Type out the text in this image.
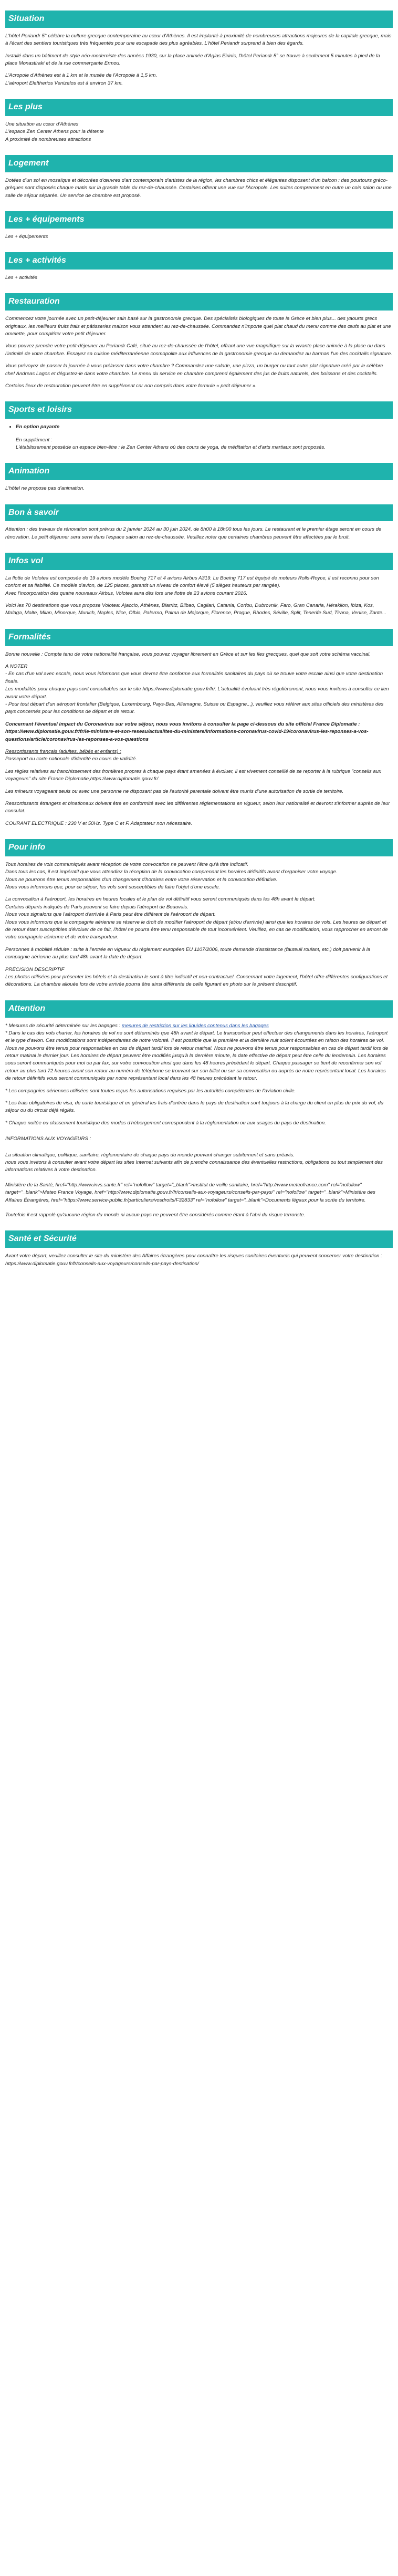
Situation

L'hôtel Periandr 5° célèbre la culture grecque contemporaine au cœur d'Athènes. Il est implanté à proximité de nombreuses attractions majeures de la capitale grecque, mais à l'écart des sentiers touristiques très fréquentés pour une escapade des plus agréables. L'hôtel Periandr surprend à bien des égards.

Installé dans un bâtiment de style néo-moderniste des années 1930, sur la place animée d'Agias Eirinis, l'hôtel Periandr 5° se trouve à seulement 5 minutes à pied de la place Monastiraki et de la rue commerçante Ermou.

L'Acropole d'Athènes est à 1 km et le musée de l'Acropole à 1,5 km.

L'aéroport Eleftherios Venizelos est à environ 37 km.

Les plus

Une situation au cœur d'Athènes

L'espace Zen Center Athens pour la détente

A proximité de nombreuses attractions

Logement

Dotées d'un sol en mosaïque et décorées d'œuvres d'art contemporain d'artistes de la région, les chambres chics et élégantes disposent d'un balcon : des pourtours gréco-grèques sont disposés chaque matin sur la grande table du rez-de-chaussée. Certaines offrent une vue sur l'Acropole. Les suites comprennent en outre un coin salon ou une salle de séjour séparée. Un service de chambre est proposé.

Les + équipements

Les + équipements

Les + activités

Les + activités

Restauration

Commencez votre journée avec un petit-déjeuner sain basé sur la gastronomie grecque. Des spécialités biologiques de toute la Grèce et bien plus... des yaourts grecs originaux, les meilleurs fruits frais et pâtisseries maison vous attendent au rez-de-chaussée. Commandez n'importe quel plat chaud du menu comme des œufs au plat et une omelette, pour compléter votre petit déjeuner.

Vous pouvez prendre votre petit-déjeuner au Periandr Café, situé au rez-de-chaussée de l'hôtel, offrant une vue magnifique sur la vivante place animée à la place ou dans l'intimité de votre chambre. Essayez sa cuisine méditerranéenne cosmopolite aux influences de la gastronomie grecque ou demandez au barman l'un des cocktails signature.

Vous prévoyez de passer la journée à vous prélasser dans votre chambre ? Commandez une salade, une pizza, un burger ou tout autre plat signature créé par le célèbre chef Andreas Lagos et dégustez-le dans votre chambre. Le menu du service en chambre comprend également des jus de fruits naturels, des boissons et des cocktails.

Certains lieux de restauration peuvent être en supplément car non compris dans votre formule « petit déjeuner ».

Sports et loisirs
• En option payante

En supplément :

L'établissement possède un espace bien-être : le Zen Center Athens où des cours de yoga, de méditation et d'arts martiaux sont proposés.

Animation

L'hôtel ne propose pas d'animation.

Bon à savoir

Attention : des travaux de rénovation sont prévus du 2 janvier 2024 au 30 juin 2024, de 8h00 à 18h00 tous les jours. Le restaurant et le premier étage seront en cours de rénovation. Le petit déjeuner sera servi dans l'espace salon au rez-de-chaussée. Veuillez noter que certaines chambres peuvent être affectées par le bruit.

Infos vol

La flotte de Volotea est composée de 19 avions modèle Boeing 717 et 4 avions Airbus A319. Le Boeing 717 est équipé de moteurs Rolls-Royce, il est reconnu pour son confort et sa fiabilité. Ce modèle d'avion, de 125 places, garantit un niveau de confort élevé (5 sièges hauteurs par rangée).

Avec l'incorporation des quatre nouveaux Airbus, Volotea aura dès lors une flotte de 23 avions courant 2016.

Voici les 70 destinations que vous propose Volotea: Ajaccio, Athènes, Biarritz, Bilbao, Cagliari, Catania, Corfou, Dubrovnik, Faro, Gran Canaria, Héraklion, Ibiza, Kos, Malaga, Malte, Milan, Minorque, Munich, Naples, Nice, Olbia, Palermo, Palma de Majorque, Florence, Prague, Rhodes, Séville, Split, Tenerife Sud, Tirana, Venise, Zante...

Formalités

Bonne nouvelle : Compte tenu de votre nationalité française, vous pouvez voyager librement en Grèce et sur les îles grecques, quel que soit votre schéma vaccinal.

A NOTER

- En cas d'un vol avec escale, nous vous informons que vous devrez être conforme aux formalités sanitaires du pays où se trouve votre escale ainsi que votre destination finale.

Les modalités pour chaque pays sont consultables sur le site https://www.diplomatie.gouv.fr/fr/. L'actualité évoluant très régulièrement, nous vous invitons à consulter ce lien avant votre départ.

- Pour tout départ d'un aéroport frontalier (Belgique, Luxembourg, Pays-Bas, Allemagne, Suisse ou Espagne...), veuillez vous référer aux sites officiels des ministères des pays concernés pour les conditions de départ et de retour.

Concernant l'éventuel impact du Coronavirus sur votre séjour, nous vous invitons à consulter la page ci-dessous du site officiel France Diplomatie :

https://www.diplomatie.gouv.fr/fr/le-ministere-et-son-reseau/actualites-du-ministere/informations-coronavirus-covid-19/coronavirus-les-reponses-a-vos-questions/article/coronavirus-les-reponses-a-vos-questions

Ressortissants français (adultes, bébés et enfants) :

Passeport ou carte nationale d'identité en cours de validité.

Les règles relatives au franchissement des frontières propres à chaque pays étant amenées à évoluer, il est vivement conseillé de se reporter à la rubrique "conseils aux voyageurs" du site France Diplomatie,https://www.diplomatie.gouv.fr/

Les mineurs voyageant seuls ou avec une personne ne disposant pas de l'autorité parentale doivent être munis d'une autorisation de sortie de territoire.

Ressortissants étrangers et binationaux doivent être en conformité avec les différentes réglementations en vigueur, selon leur nationalité et devront s'informer auprès de leur consulat.

COURANT ELECTRIQUE : 230 V et 50Hz. Type C et F. Adaptateur non nécessaire.

Pour info

Tous horaires de vols communiqués avant réception de votre convocation ne peuvent l'être qu'à titre indicatif.

Dans tous les cas, il est impératif que vous attendiez la réception de la convocation comprenant les horaires définitifs avant d'organiser votre voyage.

Nous ne pourrons être tenus responsables d'un changement d'horaires entre votre réservation et la convocation définitive.

Nous vous informons que, pour ce séjour, les vols sont susceptibles de faire l'objet d'une escale.

La convocation à l'aéroport, les horaires en heures locales et le plan de vol définitif vous seront communiqués dans les 48h avant le départ.

Certains départs indiqués de Paris peuvent se faire depuis l'aéroport de Beauvais.

Nous vous signalons que l'aéroport d'arrivée à Paris peut être différent de l'aéroport de départ.

Nous vous informons que la compagnie aérienne se réserve le droit de modifier l'aéroport de départ (et/ou d'arrivée) ainsi que les horaires de vols. Les heures de départ et de retour étant susceptibles d'évoluer de ce fait, l'hôtel ne pourra être tenu responsable de tout inconvénient. Veuillez, en cas de modification, vous rapprocher en amont de votre compagnie aérienne et de votre transporteur.

Personnes à mobilité réduite : suite à l'entrée en vigueur du règlement européen EU 1107/2006, toute demande d'assistance (fauteuil roulant, etc.) doit parvenir à la compagnie aérienne au plus tard 48h avant la date de départ.

PRÉCISION DESCRIPTIF

Les photos utilisées pour présenter les hôtels et la destination le sont à titre indicatif et non-contractuel. Concernant votre logement, l'hôtel offre différentes configurations et décorations. La chambre allouée lors de votre arrivée pourra être ainsi différente de celle figurant en photo sur le présent descriptif.

Attention

* Mesures de sécurité déterminée sur les bagages : mesures de restriction sur les liquides contenus dans les bagages

* Dans le cas des vols charter, les horaires de vol ne sont déterminés que 48h avant le départ. Le transporteur peut effectuer des changements dans les horaires, l'aéroport et le type d'avion. Ces modifications sont indépendantes de notre volonté. Il est possible que la première et la dernière nuit soient écourtées en raison des horaires de vol. Nous ne pouvons être tenus pour responsables en cas de départ tardif lors de retour matinal. Nous ne pouvons être tenus pour responsables en cas de départ tardif lors de retour matinal le dernier jour. Les horaires de départ peuvent être modifiés jusqu'à la dernière minute, la date effective de départ peut être celle du lendemain. Les horaires sous seront communiqués pour moi ou par fax, sur votre convocation ainsi que dans les 48 heures précédant le départ. Chaque passager se tient de reconfirmer son vol retour au plus tard 72 heures avant son retour au numéro de téléphone se trouvant sur son billet ou sur sa convocation ou auprès de notre représentant local. Les horaires de retour définitifs vous seront communiqués par notre représentant local dans les 48 heures précédant le retour.

* Les compagnies aériennes utilisées sont toutes reçus les autorisations requises par les autorités compétentes de l'aviation civile.

* Les frais obligatoires de visa, de carte touristique et en général les frais d'entrée dans le pays de destination sont toujours à la charge du client en plus du prix du vol, du séjour ou du circuit déjà réglés.

* Chaque nuitée ou classement touristique des modes d'hébergement correspondent à la réglementation ou aux usages du pays de destination.

INFORMATIONS AUX VOYAGEURS :

La situation climatique, politique, sanitaire, réglementaire de chaque pays du monde pouvant changer subitement et sans préavis.

nous vous invitons à consulter avant votre départ les sites Internet suivants afin de prendre connaissance des éventuelles restrictions, obligations ou tout simplement des informations relatives à votre destination.

Ministère de la Santé, href="http://www.invs.sante.fr" rel="nofollow" target="_blank">Institut de veille sanitaire, href="http://www.meteofrance.com" rel="nofollow" target="_blank">Meteo France Voyage, href="http://www.diplomatie.gouv.fr/fr/conseils-aux-voyageurs/conseils-par-pays/" rel="nofollow" target="_blank">Ministère des Affaires Étrangères, href="https://www.service-public.fr/particuliers/vosdroits/F32833" rel="nofollow" target="_blank">Documents légaux pour la sortie du territoire.

Toutefois il est rappelé qu'aucune région du monde ni aucun pays ne peuvent être considérés comme étant à l'abri du risque terroriste.

Santé et Sécurité

Avant votre départ, veuillez consulter le site du ministère des Affaires étrangères pour connaître les risques sanitaires éventuels qui peuvent concerner votre destination : https://www.diplomatie.gouv.fr/fr/conseils-aux-voyageurs/conseils-par-pays-destination/
